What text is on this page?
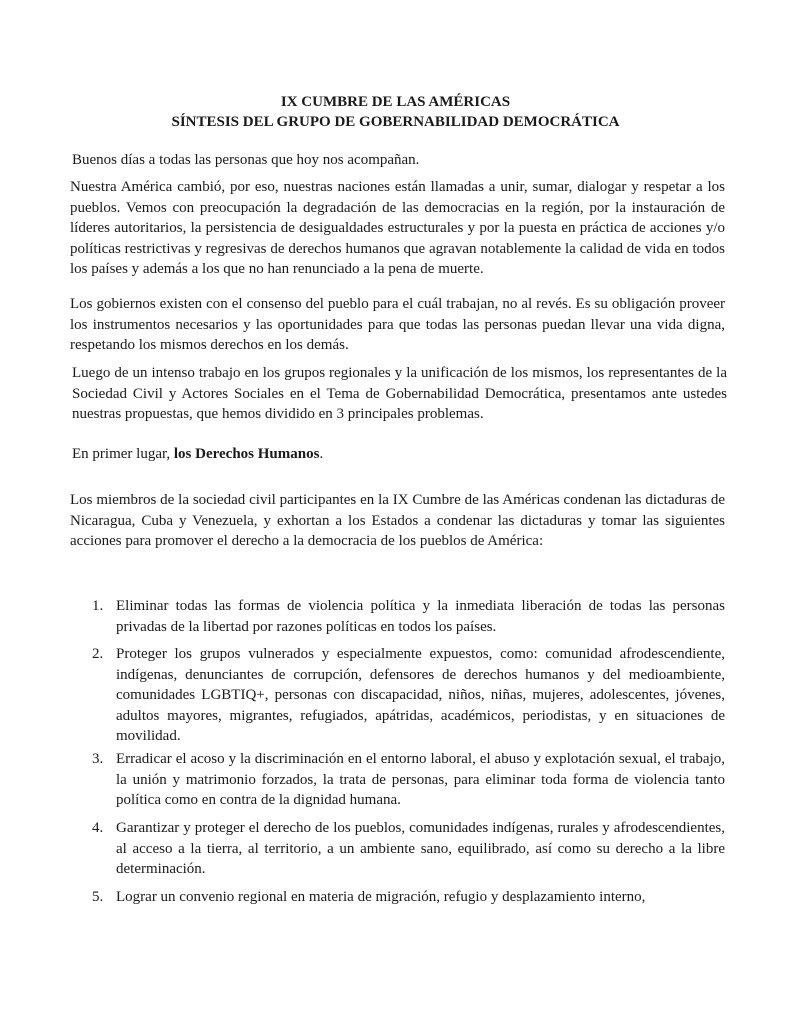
IX CUMBRE DE LAS AMÉRICAS
SÍNTESIS DEL GRUPO DE GOBERNABILIDAD DEMOCRÁTICA

Buenos días a todas las personas que hoy nos acompañan.

Nuestra América cambió, por eso, nuestras naciones están llamadas a unir, sumar, dialogar y respetar a los pueblos. Vemos con preocupación la degradación de las democracias en la región, por la instauración de líderes autoritarios, la persistencia de desigualdades estructurales y por la puesta en práctica de acciones y/o políticas restrictivas y regresivas de derechos humanos que agravan notablemente la calidad de vida en todos los países y además a los que no han renunciado a la pena de muerte.

Los gobiernos existen con el consenso del pueblo para el cuál trabajan, no al revés. Es su obligación proveer los instrumentos necesarios y las oportunidades para que todas las personas puedan llevar una vida digna, respetando los mismos derechos en los demás.

Luego de un intenso trabajo en los grupos regionales y la unificación de los mismos, los representantes de la Sociedad Civil y Actores Sociales en el Tema de Gobernabilidad Democrática, presentamos ante ustedes nuestras propuestas, que hemos dividido en 3 principales problemas.

En primer lugar, los Derechos Humanos.

Los miembros de la sociedad civil participantes en la IX Cumbre de las Américas condenan las dictaduras de Nicaragua, Cuba y Venezuela, y exhortan a los Estados a condenar las dictaduras y tomar las siguientes acciones para promover el derecho a la democracia de los pueblos de América:

1. Eliminar todas las formas de violencia política y la inmediata liberación de todas las personas privadas de la libertad por razones políticas en todos los países.
2. Proteger los grupos vulnerados y especialmente expuestos, como: comunidad afrodescendiente, indígenas, denunciantes de corrupción, defensores de derechos humanos y del medioambiente, comunidades LGBTIQ+, personas con discapacidad, niños, niñas, mujeres, adolescentes, jóvenes, adultos mayores, migrantes, refugiados, apátridas, académicos, periodistas, y en situaciones de movilidad.
3. Erradicar el acoso y la discriminación en el entorno laboral, el abuso y explotación sexual, el trabajo, la unión y matrimonio forzados, la trata de personas, para eliminar toda forma de violencia tanto política como en contra de la dignidad humana.
4. Garantizar y proteger el derecho de los pueblos, comunidades indígenas, rurales y afrodescendientes, al acceso a la tierra, al territorio, a un ambiente sano, equilibrado, así como su derecho a la libre determinación.
5. Lograr un convenio regional en materia de migración, refugio y desplazamiento interno,
